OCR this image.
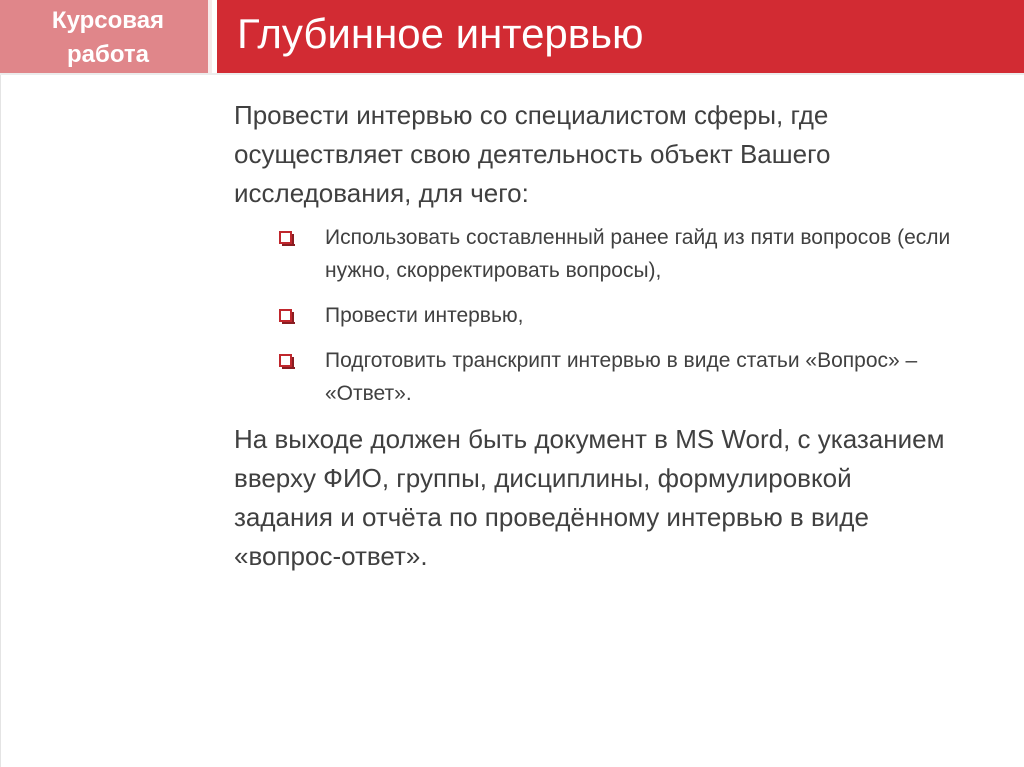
Курсовая
работа	Глубинное интервью

Провести интервью со специалистом сферы, где осуществляет свою деятельность объект Вашего исследования, для чего:

Использовать составленный ранее гайд из пяти вопросов (если нужно, скорректировать вопросы),
Провести интервью,
Подготовить транскрипт интервью в виде статьи «Вопрос» – «Ответ».

На выходе должен быть документ в MS Word, с указанием вверху ФИО, группы, дисциплины, формулировкой задания и отчёта по проведённому интервью в виде «вопрос-ответ».
